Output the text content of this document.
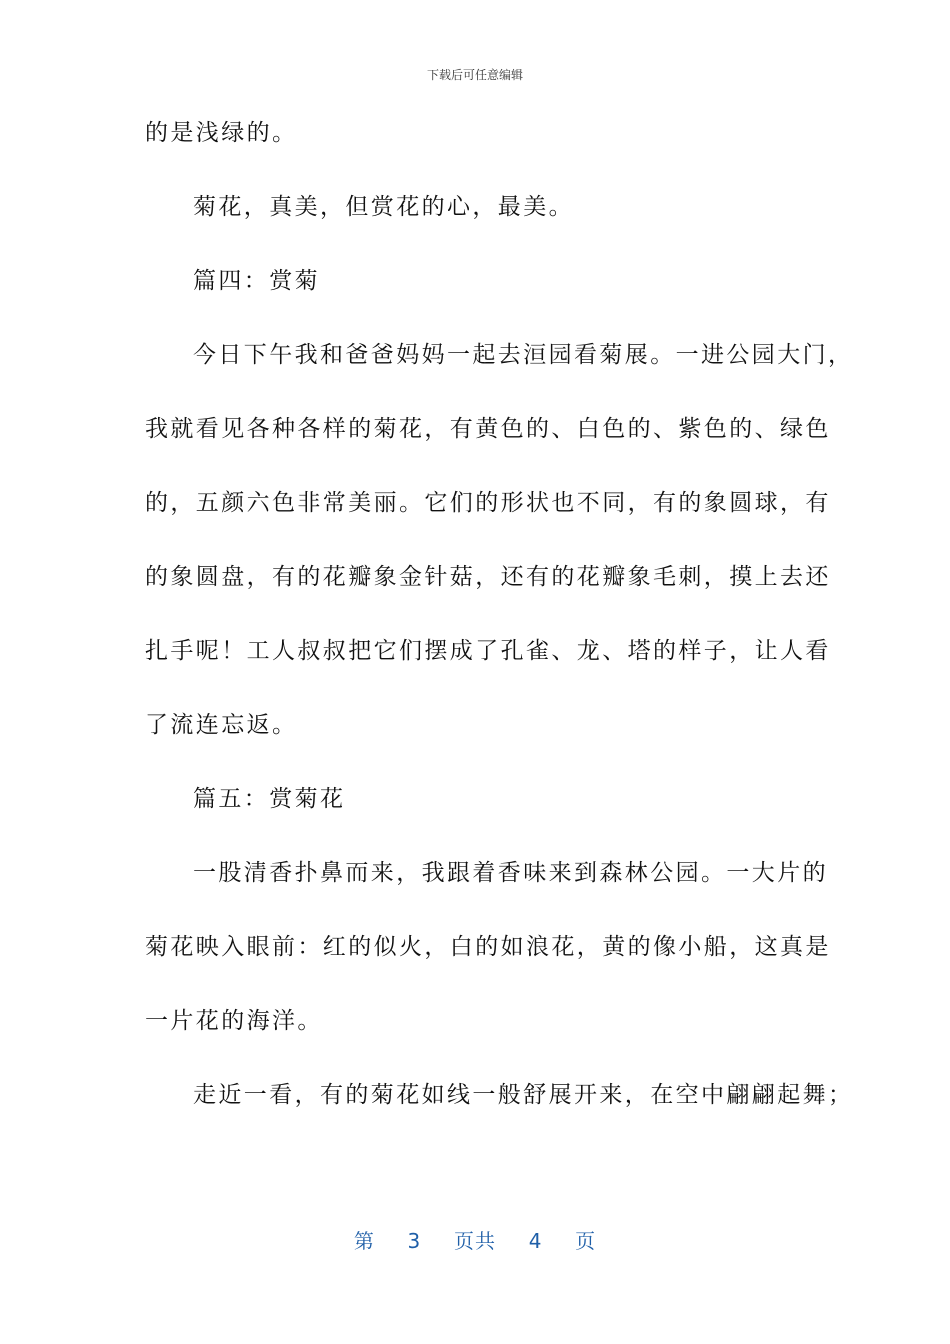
下载后可任意编辑
的是浅绿的。
菊花，真美，但赏花的心，最美。
篇四：赏菊
今日下午我和爸爸妈妈一起去洹园看菊展。一进公园大门，
我就看见各种各样的菊花，有黄色的、白色的、紫色的、绿色
的，五颜六色非常美丽。它们的形状也不同，有的象圆球，有
的象圆盘，有的花瓣象金针菇，还有的花瓣象毛刺，摸上去还
扎手呢！工人叔叔把它们摆成了孔雀、龙、塔的样子，让人看
了流连忘返。
篇五：赏菊花
一股清香扑鼻而来，我跟着香味来到森林公园。一大片的
菊花映入眼前：红的似火，白的如浪花，黄的像小船，这真是
一片花的海洋。
走近一看，有的菊花如线一般舒展开来，在空中翩翩起舞；
第 3 页共 4 页
